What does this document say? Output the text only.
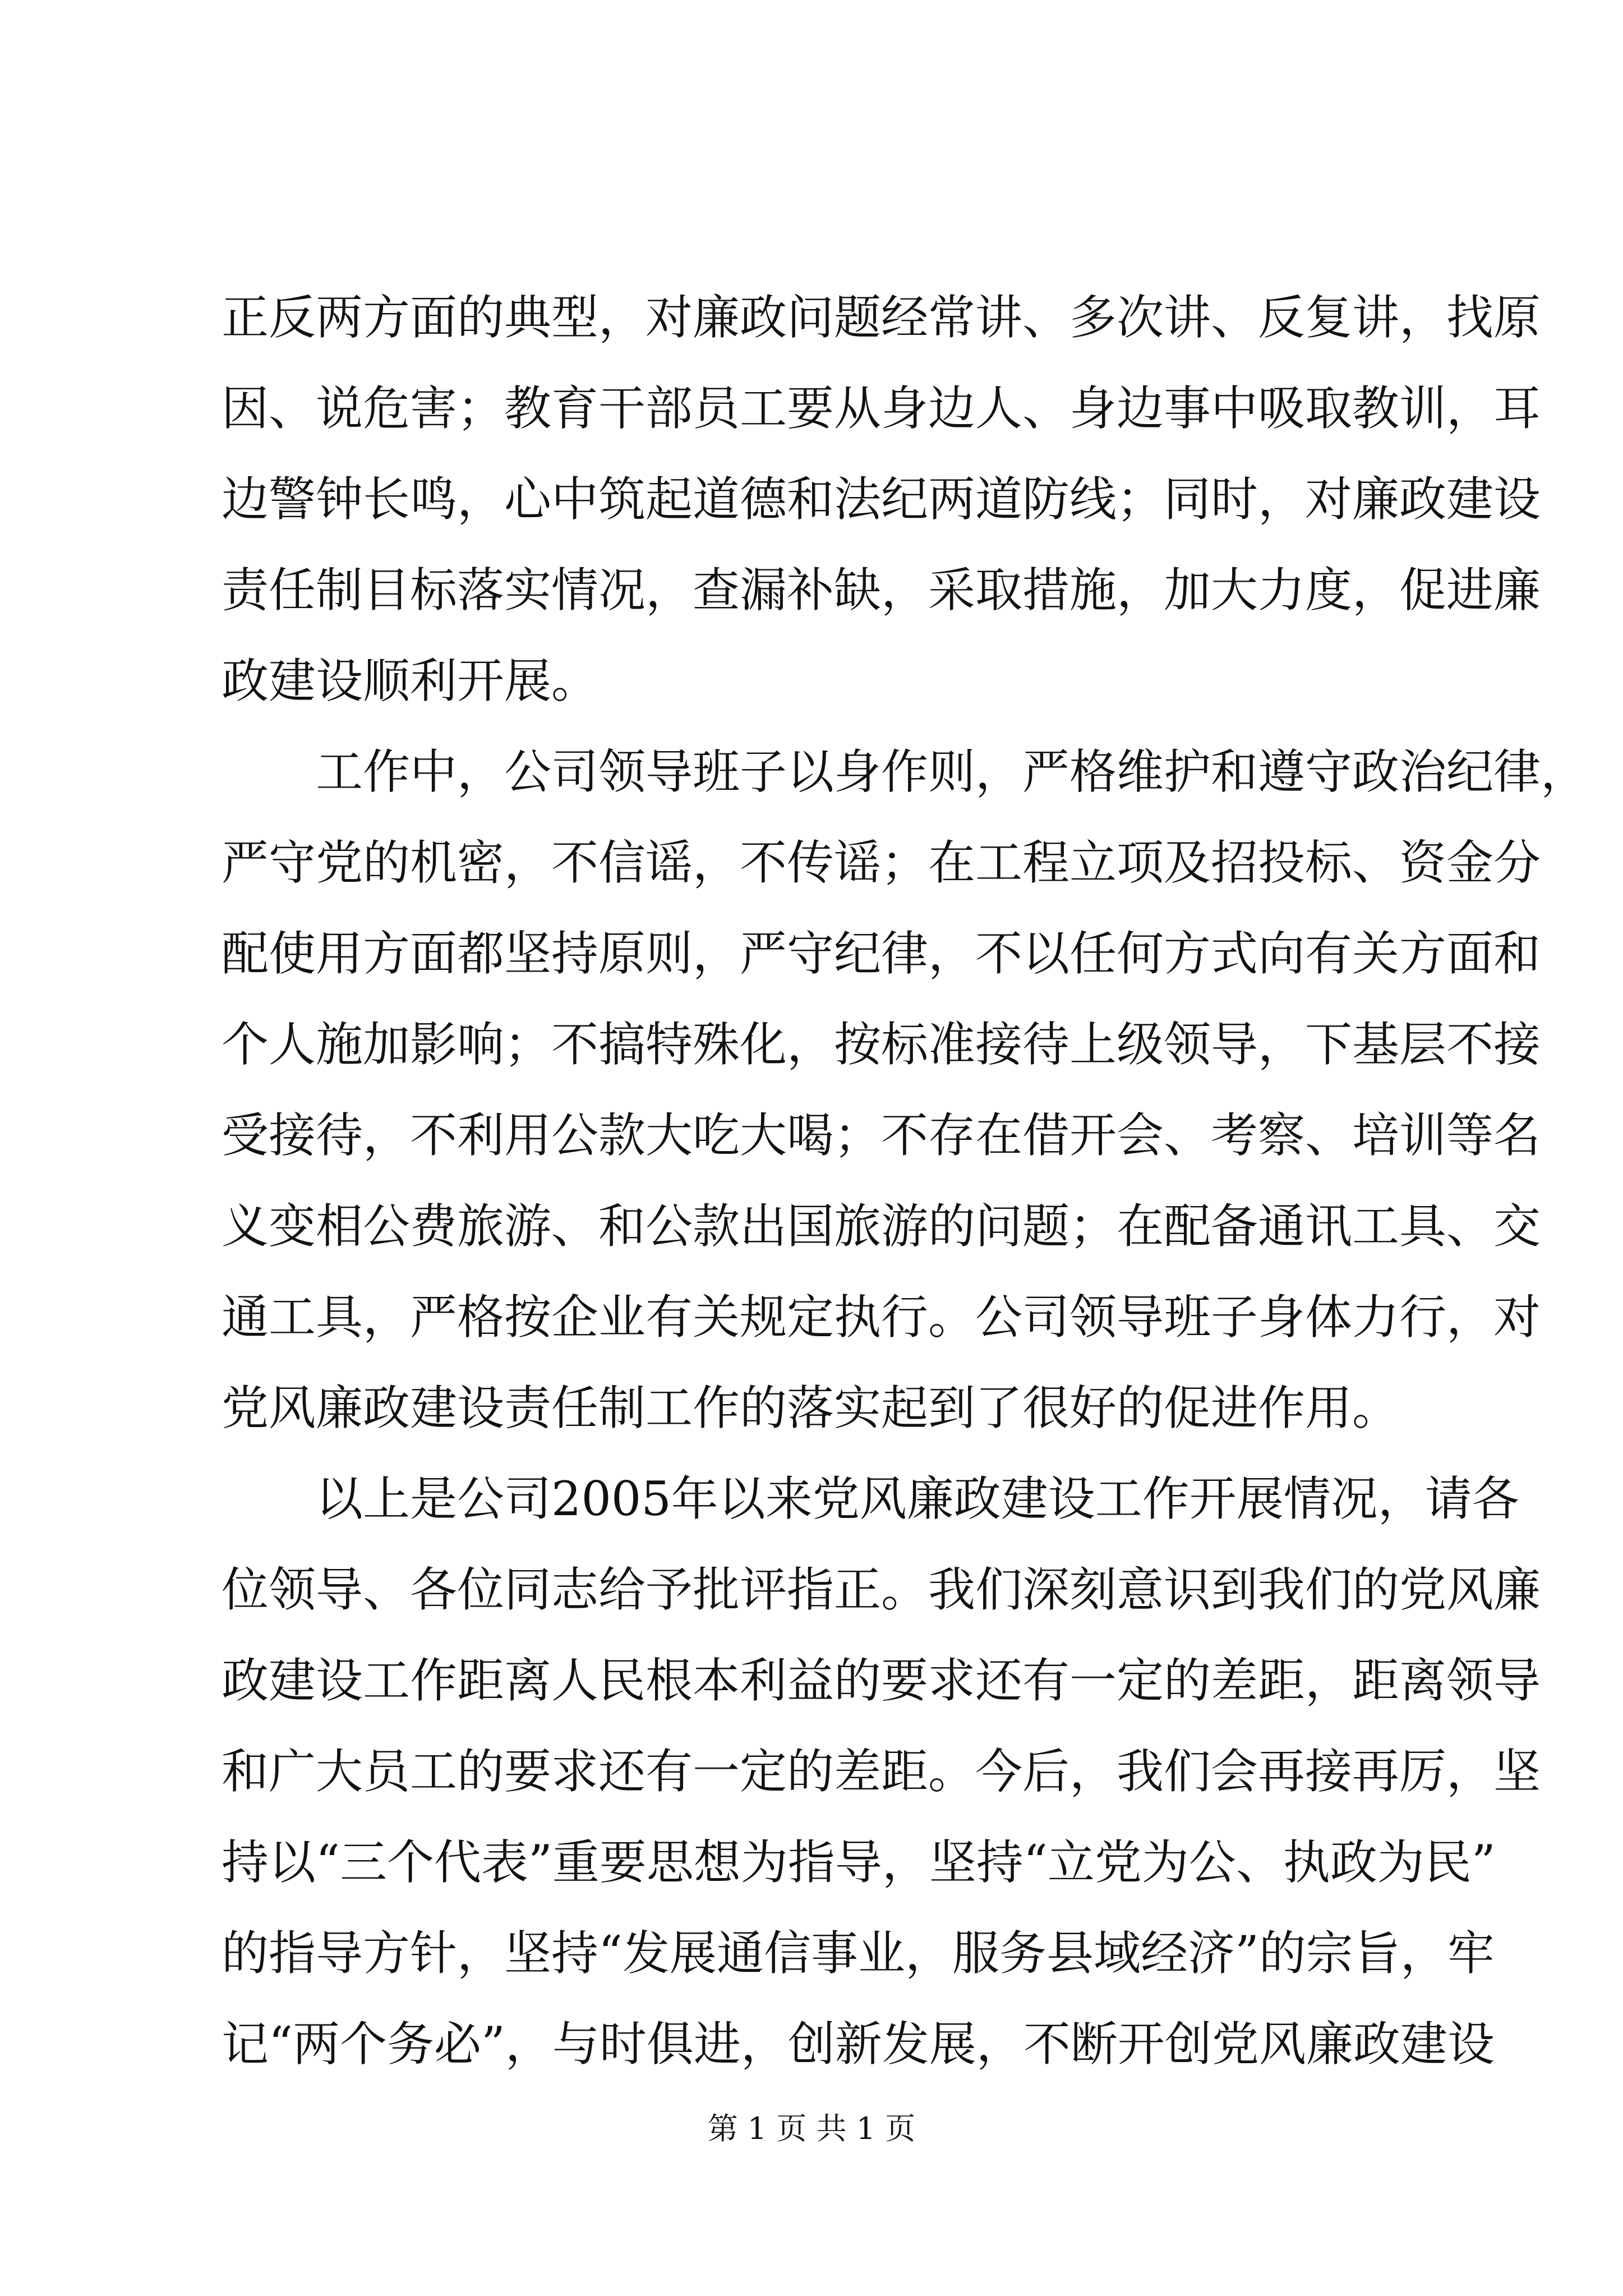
正反两方面的典型，对廉政问题经常讲、多次讲、反复讲，找原
因、说危害；教育干部员工要从身边人、身边事中吸取教训，耳
边警钟长鸣，心中筑起道德和法纪两道防线；同时，对廉政建设
责任制目标落实情况，查漏补缺，采取措施，加大力度，促进廉
政建设顺利开展。
工作中，公司领导班子以身作则，严格维护和遵守政治纪律，
严守党的机密，不信谣，不传谣；在工程立项及招投标、资金分
配使用方面都坚持原则，严守纪律，不以任何方式向有关方面和
个人施加影响；不搞特殊化，按标准接待上级领导，下基层不接
受接待，不利用公款大吃大喝；不存在借开会、考察、培训等名
义变相公费旅游、和公款出国旅游的问题；在配备通讯工具、交
通工具，严格按企业有关规定执行。公司领导班子身体力行，对
党风廉政建设责任制工作的落实起到了很好的促进作用。
以上是公司2005年以来党风廉政建设工作开展情况，请各
位领导、各位同志给予批评指正。我们深刻意识到我们的党风廉
政建设工作距离人民根本利益的要求还有一定的差距，距离领导
和广大员工的要求还有一定的差距。今后，我们会再接再厉，坚
持以“三个代表”重要思想为指导，坚持“立党为公、执政为民”
的指导方针，坚持“发展通信事业，服务县域经济”的宗旨，牢
记“两个务必”，与时俱进，创新发展，不断开创党风廉政建设
第 1 页 共 1 页
